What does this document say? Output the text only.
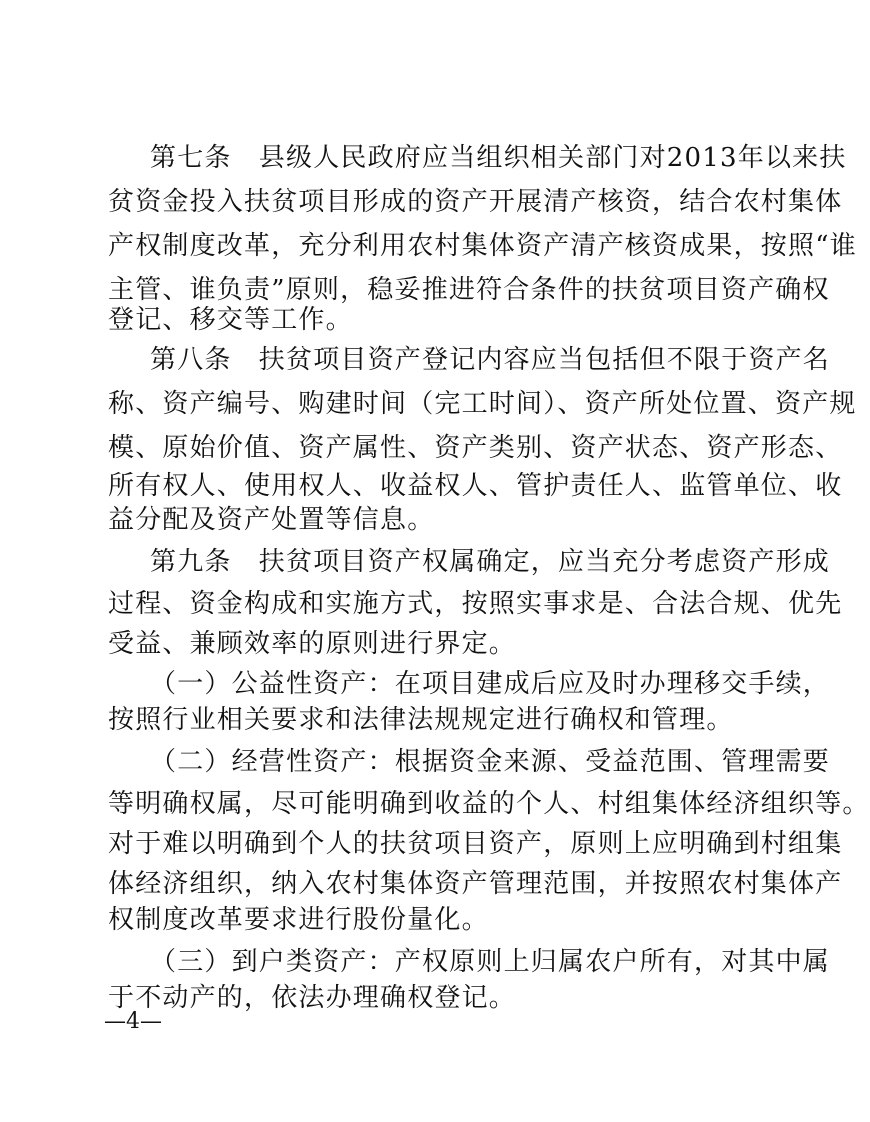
第七条　县级人民政府应当组织相关部门对2013年以来扶
贫资金投入扶贫项目形成的资产开展清产核资，结合农村集体
产权制度改革，充分利用农村集体资产清产核资成果，按照“谁
主管、谁负责”原则，稳妥推进符合条件的扶贫项目资产确权
登记、移交等工作。
第八条　扶贫项目资产登记内容应当包括但不限于资产名
称、资产编号、购建时间（完工时间）、资产所处位置、资产规
模、原始价值、资产属性、资产类别、资产状态、资产形态、
所有权人、使用权人、收益权人、管护责任人、监管单位、收
益分配及资产处置等信息。
第九条　扶贫项目资产权属确定，应当充分考虑资产形成
过程、资金构成和实施方式，按照实事求是、合法合规、优先
受益、兼顾效率的原则进行界定。
（一）公益性资产：在项目建成后应及时办理移交手续，
按照行业相关要求和法律法规规定进行确权和管理。
（二）经营性资产：根据资金来源、受益范围、管理需要
等明确权属，尽可能明确到收益的个人、村组集体经济组织等。
对于难以明确到个人的扶贫项目资产，原则上应明确到村组集
体经济组织，纳入农村集体资产管理范围，并按照农村集体产
权制度改革要求进行股份量化。
（三）到户类资产：产权原则上归属农户所有，对其中属
于不动产的，依法办理确权登记。
—4—
